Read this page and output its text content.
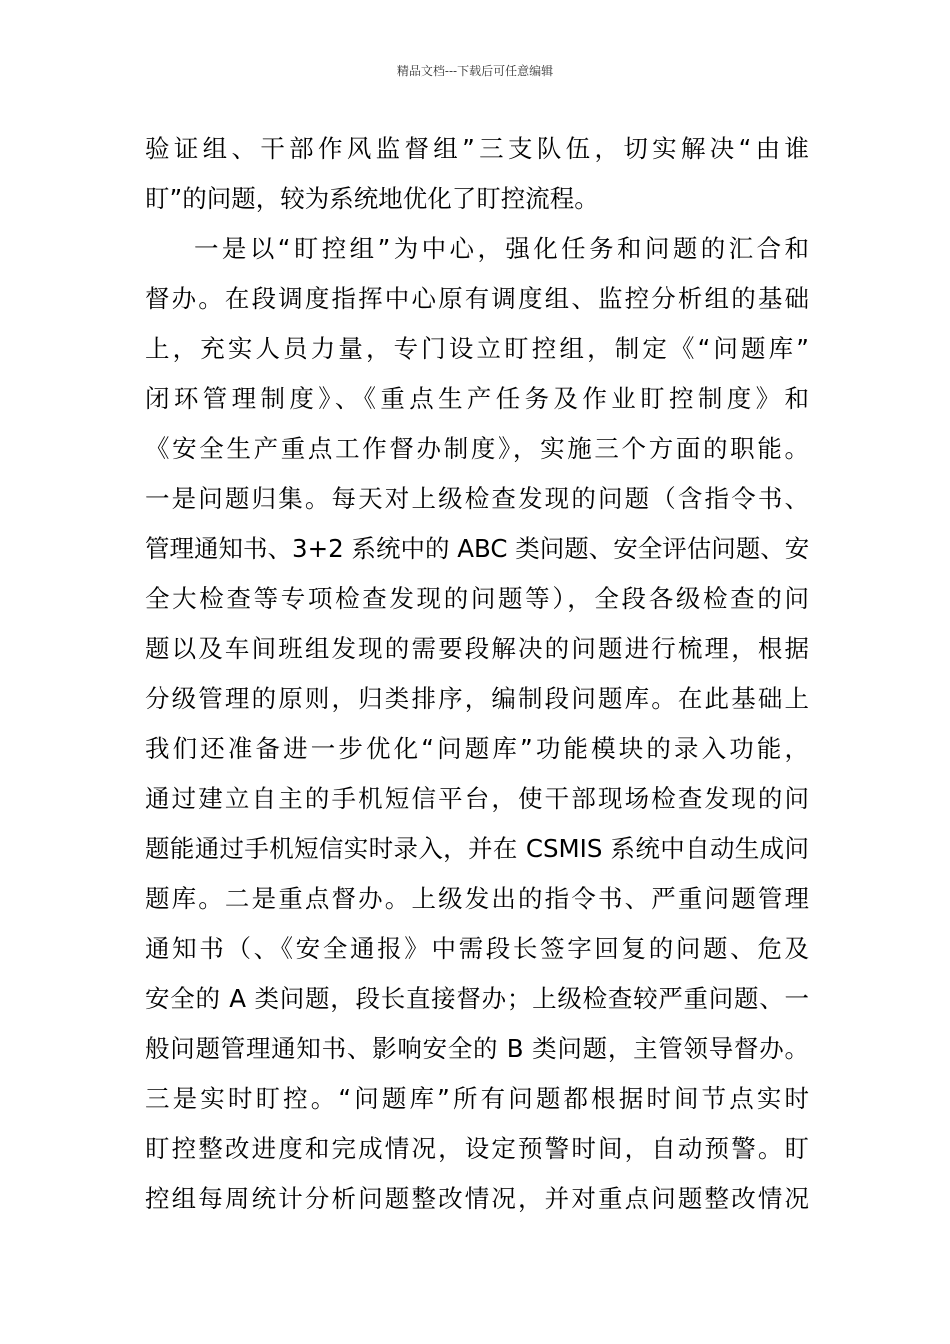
精品文档---下载后可任意编辑
验证组、干部作风监督组”三支队伍，切实解决“由谁
盯”的问题，较为系统地优化了盯控流程。
一是以“盯控组”为中心，强化任务和问题的汇合和
督办。在段调度指挥中心原有调度组、监控分析组的基础
上，充实人员力量，专门设立盯控组，制定《“问题库”
闭环管理制度》、《重点生产任务及作业盯控制度》和
《安全生产重点工作督办制度》，实施三个方面的职能。
一是问题归集。每天对上级检查发现的问题（含指令书、
管理通知书、3+2 系统中的 ABC 类问题、安全评估问题、安
全大检查等专项检查发现的问题等），全段各级检查的问
题以及车间班组发现的需要段解决的问题进行梳理，根据
分级管理的原则，归类排序，编制段问题库。在此基础上
我们还准备进一步优化“问题库”功能模块的录入功能，
通过建立自主的手机短信平台，使干部现场检查发现的问
题能通过手机短信实时录入，并在 CSMIS 系统中自动生成问
题库。二是重点督办。上级发出的指令书、严重问题管理
通知书（、《安全通报》中需段长签字回复的问题、危及
安全的 A 类问题，段长直接督办；上级检查较严重问题、一
般问题管理通知书、影响安全的 B 类问题，主管领导督办。
三是实时盯控。“问题库”所有问题都根据时间节点实时
盯控整改进度和完成情况，设定预警时间，自动预警。盯
控组每周统计分析问题整改情况，并对重点问题整改情况
